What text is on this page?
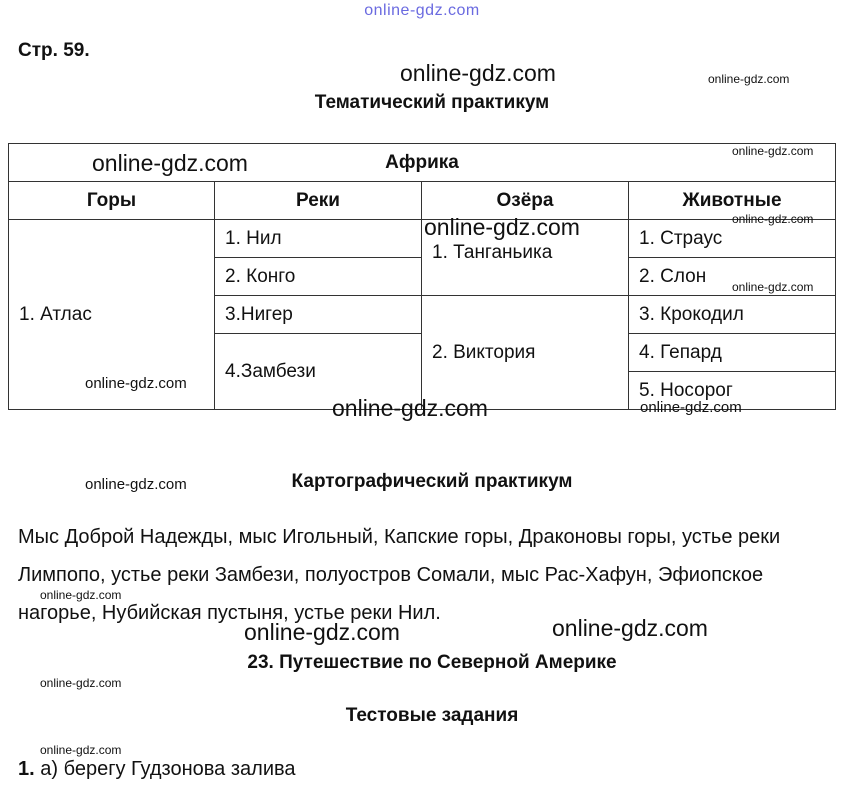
online-gdz.com
Стр. 59.
online-gdz.com	online-gdz.com
Тематический практикум
Африка			
Горы	Реки	Озёра	Животные
1. Атлас	1. Нил	1. Танганьика	1. Страус
	2. Конго		2. Слон
	3.Нигер	2. Виктория	3. Крокодил
	4.Замбези		4. Гепард
			5. Носорог
online-gdz.com	online-gdz.com
online-gdz.com
online-gdz.com
online-gdz.com
online-gdz.com
online-gdz.com	online-gdz.com
online-gdz.com	Картографический практикум
Мыс Доброй Надежды, мыс Игольный, Капские горы, Драконовы горы, устье реки Лимпопо, устье реки Замбези, полуостров Сомали, мыс Рас-Хафун, Эфиопское нагорье, Нубийская пустыня, устье реки Нил.
online-gdz.com
online-gdz.com	online-gdz.com
23. Путешествие по Северной Америке
online-gdz.com
Тестовые задания
online-gdz.com
1. а) берегу Гудзонова залива
